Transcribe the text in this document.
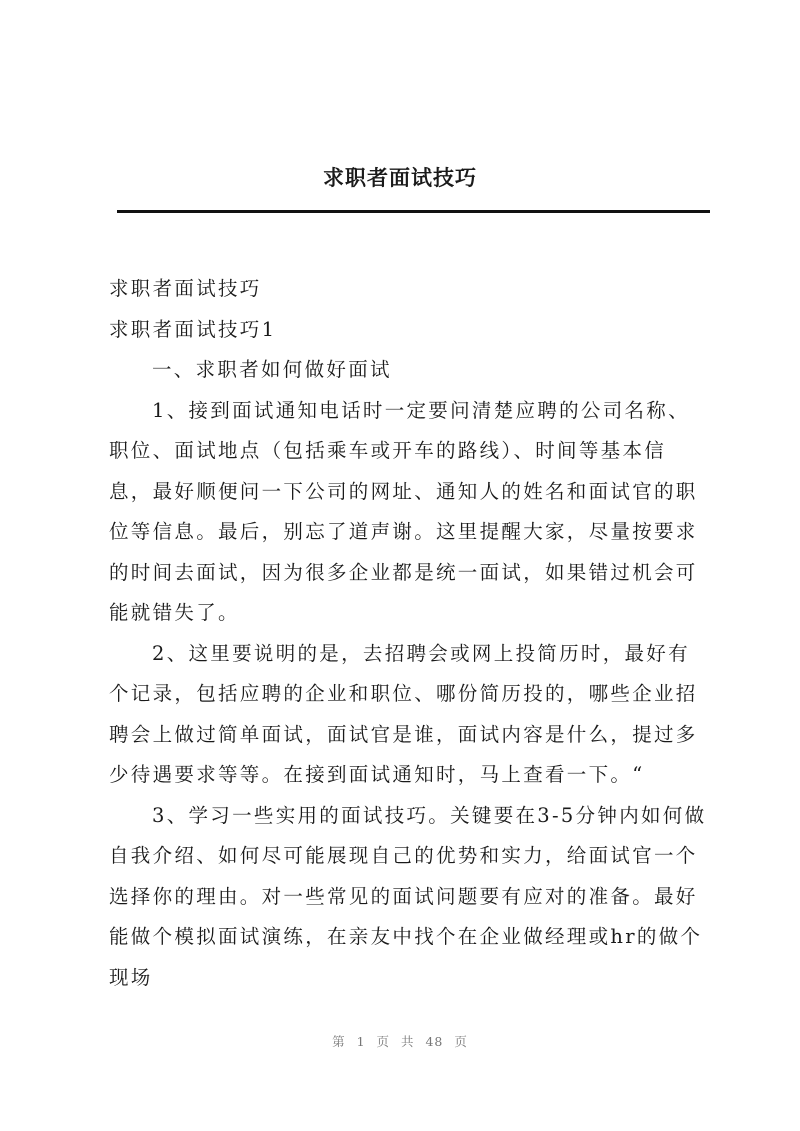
求职者面试技巧

求职者面试技巧

求职者面试技巧1

一、求职者如何做好面试

1、接到面试通知电话时一定要问清楚应聘的公司名称、职位、面试地点（包括乘车或开车的路线）、时间等基本信息，最好顺便问一下公司的网址、通知人的姓名和面试官的职位等信息。最后，别忘了道声谢。这里提醒大家，尽量按要求的时间去面试，因为很多企业都是统一面试，如果错过机会可能就错失了。

2、这里要说明的是，去招聘会或网上投简历时，最好有个记录，包括应聘的企业和职位、哪份简历投的，哪些企业招聘会上做过简单面试，面试官是谁，面试内容是什么，提过多少待遇要求等等。在接到面试通知时，马上查看一下。“

3、学习一些实用的面试技巧。关键要在3-5分钟内如何做自我介绍、如何尽可能展现自己的优势和实力，给面试官一个选择你的理由。对一些常见的面试问题要有应对的准备。最好能做个模拟面试演练，在亲友中找个在企业做经理或hr的做个现场

第 1 页 共 48 页
